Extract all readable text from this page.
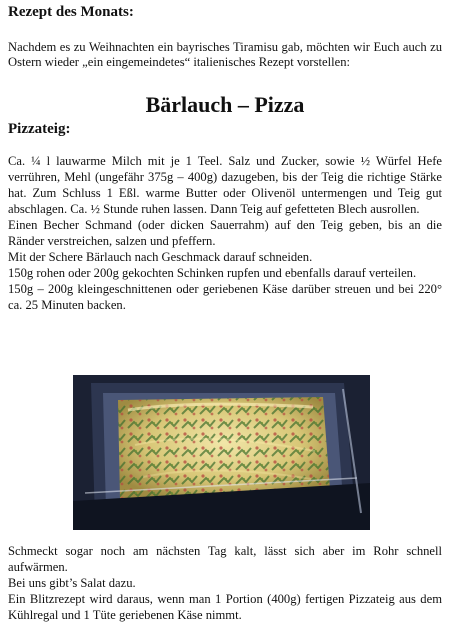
Rezept des Monats:
Nachdem es zu Weihnachten ein bayrisches Tiramisu gab, möchten wir Euch auch zu Ostern wieder „ein eingemeindetes“ italienisches Rezept vorstellen:
Bärlauch – Pizza
Pizzateig:

Ca. ¼ l lauwarme Milch mit je 1 Teel. Salz und Zucker, sowie ½ Würfel Hefe verrühren, Mehl (ungefähr 375g – 400g) dazugeben, bis der Teig die richtige Stärke hat. Zum Schluss 1 Eßl. warme Butter oder Olivenöl untermengen und Teig gut abschlagen. Ca. ½ Stunde ruhen lassen. Dann Teig auf gefetteten Blech ausrollen.

Einen Becher Schmand (oder dicken Sauerrahm) auf den Teig geben, bis an die Ränder verstreichen, salzen und pfeffern.

Mit der Schere Bärlauch nach Geschmack darauf schneiden.

150g rohen oder 200g gekochten Schinken rupfen und ebenfalls darauf verteilen.

150g – 200g kleingeschnittenen oder geriebenen Käse darüber streuen und bei 220° ca. 25 Minuten backen.

Schmeckt sogar noch am nächsten Tag kalt, lässt sich aber im Rohr schnell aufwärmen.

Bei uns gibt’s Salat dazu.

Ein Blitzrezept wird daraus, wenn man 1 Portion (400g) fertigen Pizzateig aus dem Kühlregal und 1 Tüte geriebenen Käse nimmt.
